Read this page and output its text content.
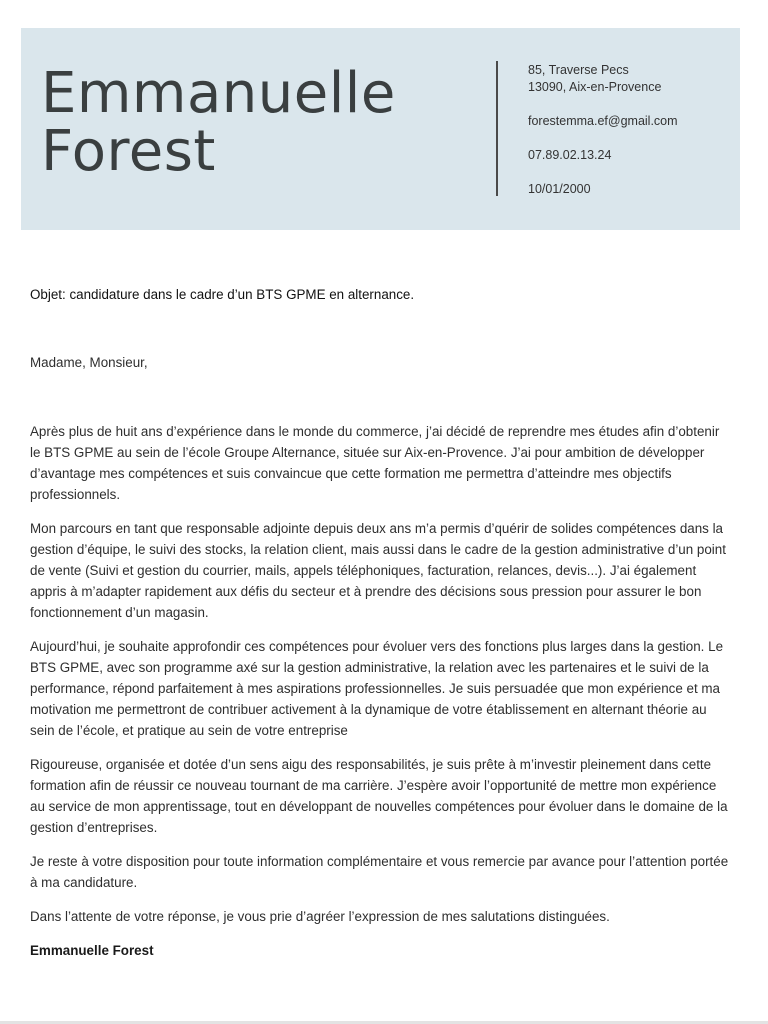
Emmanuelle
Forest
85, Traverse Pecs
13090, Aix-en-Provence
forestemma.ef@gmail.com
07.89.02.13.24
10/01/2000

Objet: candidature dans le cadre d’un BTS GPME en alternance.

Madame, Monsieur,

Après plus de huit ans d’expérience dans le monde du commerce, j’ai décidé de reprendre mes études afin d’obtenir le BTS GPME au sein de l’école Groupe Alternance, située sur Aix-en-Provence. J’ai pour ambition de développer d’avantage mes compétences et suis convaincue que cette formation me permettra d’atteindre mes objectifs professionnels.

Mon parcours en tant que responsable adjointe depuis deux ans m’a permis d’quérir de solides compétences dans la gestion d’équipe, le suivi des stocks, la relation client, mais aussi dans le cadre de la gestion administrative d’un point de vente (Suivi et gestion du courrier, mails, appels téléphoniques, facturation, relances, devis...). J’ai également appris à m’adapter rapidement aux défis du secteur et à prendre des décisions sous pression pour assurer le bon fonctionnement d’un magasin.

Aujourd’hui, je souhaite approfondir ces compétences pour évoluer vers des fonctions plus larges dans la gestion. Le BTS GPME, avec son programme axé sur la gestion administrative, la relation avec les partenaires et le suivi de la performance, répond parfaitement à mes aspirations professionnelles. Je suis persuadée que mon expérience et ma motivation me permettront de contribuer activement à la dynamique de votre établissement en alternant théorie au sein de l’école, et pratique au sein de votre entreprise

Rigoureuse, organisée et dotée d’un sens aigu des responsabilités, je suis prête à m’investir pleinement dans cette formation afin de réussir ce nouveau tournant de ma carrière. J’espère avoir l’opportunité de mettre mon expérience au service de mon apprentissage, tout en développant de nouvelles compétences pour évoluer dans le domaine de la gestion d’entreprises.

Je reste à votre disposition pour toute information complémentaire et vous remercie par avance pour l’attention portée à ma candidature.

Dans l’attente de votre réponse, je vous prie d’agréer l’expression de mes salutations distinguées.

Emmanuelle Forest
